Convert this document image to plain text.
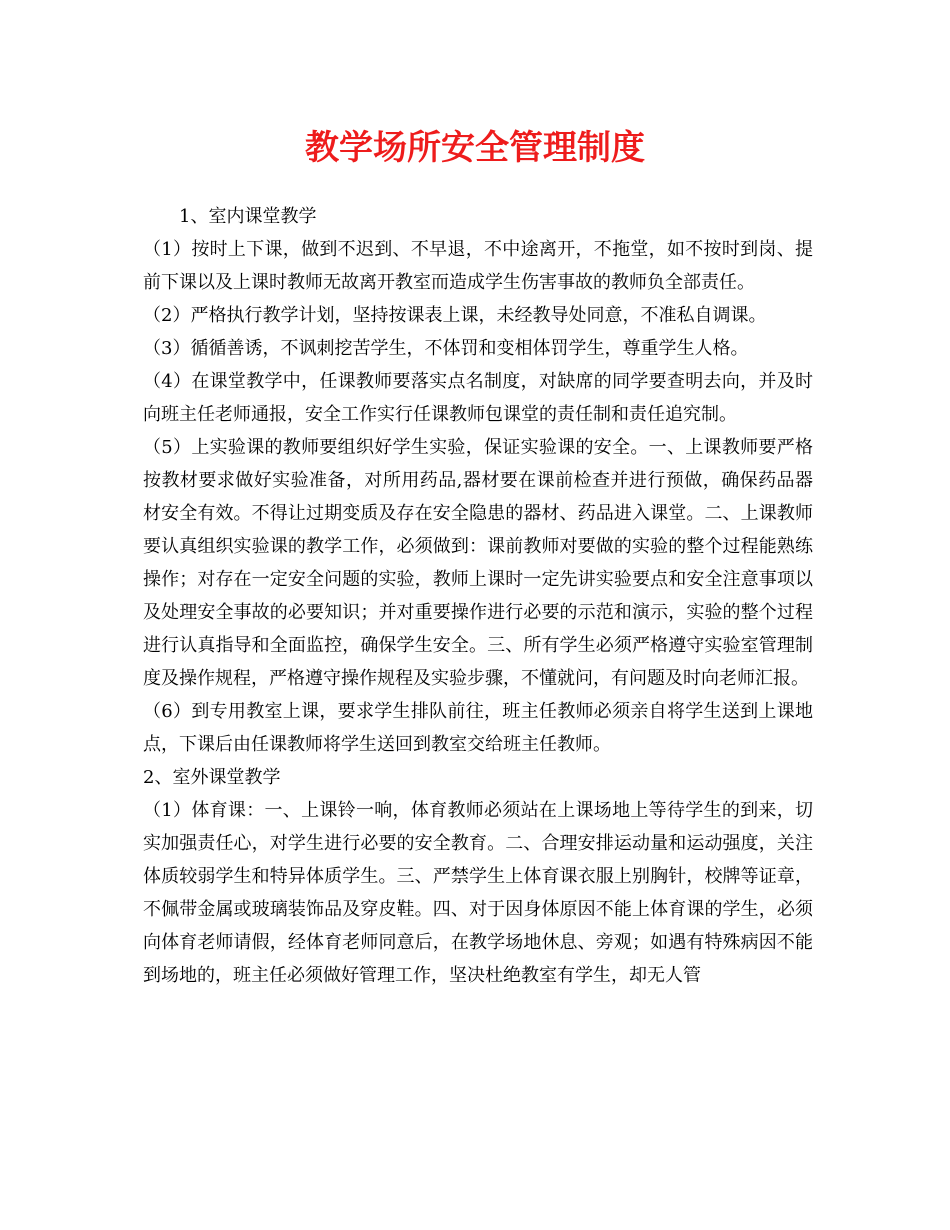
教学场所安全管理制度

1、室内课堂教学

（1）按时上下课，做到不迟到、不早退，不中途离开，不拖堂，如不按时到岗、提前下课以及上课时教师无故离开教室而造成学生伤害事故的教师负全部责任。

（2）严格执行教学计划，坚持按课表上课，未经教导处同意，不准私自调课。

（3）循循善诱，不讽刺挖苦学生，不体罚和变相体罚学生，尊重学生人格。

（4）在课堂教学中，任课教师要落实点名制度，对缺席的同学要查明去向，并及时向班主任老师通报，安全工作实行任课教师包课堂的责任制和责任追究制。

（5）上实验课的教师要组织好学生实验，保证实验课的安全。一、上课教师要严格按教材要求做好实验准备，对所用药品,器材要在课前检查并进行预做，确保药品器材安全有效。不得让过期变质及存在安全隐患的器材、药品进入课堂。二、上课教师要认真组织实验课的教学工作，必须做到：课前教师对要做的实验的整个过程能熟练操作；对存在一定安全问题的实验，教师上课时一定先讲实验要点和安全注意事项以及处理安全事故的必要知识；并对重要操作进行必要的示范和演示，实验的整个过程进行认真指导和全面监控，确保学生安全。三、所有学生必须严格遵守实验室管理制度及操作规程，严格遵守操作规程及实验步骤，不懂就问，有问题及时向老师汇报。

（6）到专用教室上课，要求学生排队前往，班主任教师必须亲自将学生送到上课地点，下课后由任课教师将学生送回到教室交给班主任教师。

2、室外课堂教学

（1）体育课：一、上课铃一响，体育教师必须站在上课场地上等待学生的到来，切实加强责任心，对学生进行必要的安全教育。二、合理安排运动量和运动强度，关注体质较弱学生和特异体质学生。三、严禁学生上体育课衣服上别胸针，校牌等证章，不佩带金属或玻璃装饰品及穿皮鞋。四、对于因身体原因不能上体育课的学生，必须向体育老师请假，经体育老师同意后，在教学场地休息、旁观；如遇有特殊病因不能到场地的，班主任必须做好管理工作，坚决杜绝教室有学生，却无人管
